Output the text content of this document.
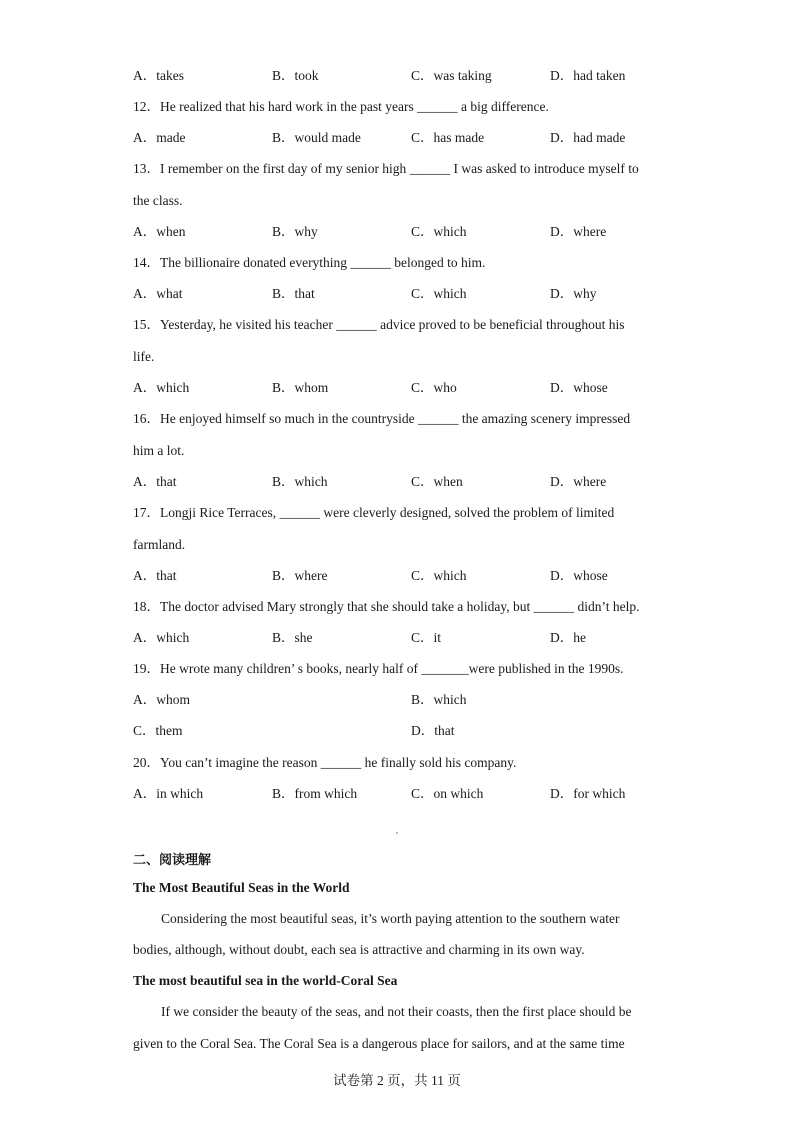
A．takes	B．took	C．was taking	D．had taken
12．He realized that his hard work in the past years ______ a big difference.
A．made	B．would made	C．has made	D．had made
13．I remember on the first day of my senior high ______ I was asked to introduce myself to
the class.
A．when	B．why	C．which	D．where
14．The billionaire donated everything ______ belonged to him.
A．what	B．that	C．which	D．why
15．Yesterday, he visited his teacher ______ advice proved to be beneficial throughout his
life.
A．which	B．whom	C．who	D．whose
16．He enjoyed himself so much in the countryside ______ the amazing scenery impressed
him a lot.
A．that	B．which	C．when	D．where
17．Longji Rice Terraces, ______ were cleverly designed, solved the problem of limited
farmland.
A．that	B．where	C．which	D．whose
18．The doctor advised Mary strongly that she should take a holiday, but ______ didn’t help.
A．which	B．she	C．it	D．he
19．He wrote many children’ s books, nearly half of _______were published in the 1990s.
A．whom	B．which
C．them	D．that
20．You can’t imagine the reason ______ he finally sold his company.
A．in which	B．from which	C．on which	D．for which
二、阅读理解
The Most Beautiful Seas in the World
Considering the most beautiful seas, it’s worth paying attention to the southern water
bodies, although, without doubt, each sea is attractive and charming in its own way.
The most beautiful sea in the world-Coral Sea
If we consider the beauty of the seas, and not their coasts, then the first place should be
given to the Coral Sea. The Coral Sea is a dangerous place for sailors, and at the same time
试卷第 2 页，共 11 页
